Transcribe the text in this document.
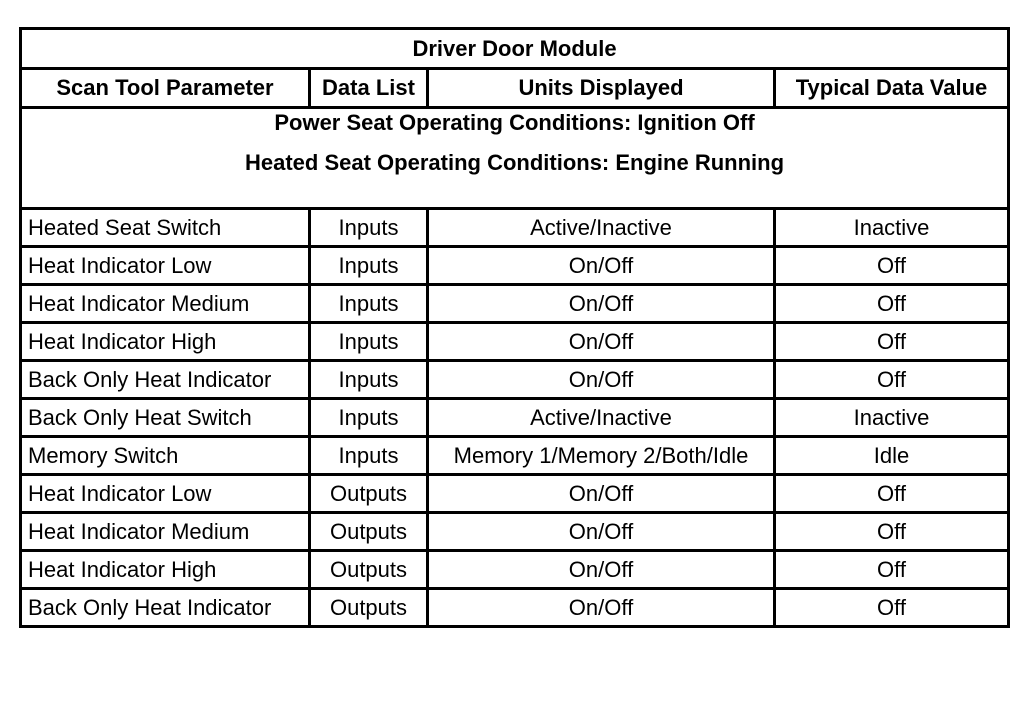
Driver Door Module			
Scan Tool Parameter	Data List	Units Displayed	Typical Data Value

Power Seat Operating Conditions: Ignition Off
Heated Seat Operating Conditions: Engine Running			

Heated Seat Switch	Inputs	Active/Inactive	Inactive
Heat Indicator Low	Inputs	On/Off	Off
Heat Indicator Medium	Inputs	On/Off	Off
Heat Indicator High	Inputs	On/Off	Off
Back Only Heat Indicator	Inputs	On/Off	Off
Back Only Heat Switch	Inputs	Active/Inactive	Inactive
Memory Switch	Inputs	Memory 1/Memory 2/Both/Idle	Idle
Heat Indicator Low	Outputs	On/Off	Off
Heat Indicator Medium	Outputs	On/Off	Off
Heat Indicator High	Outputs	On/Off	Off
Back Only Heat Indicator	Outputs	On/Off	Off
